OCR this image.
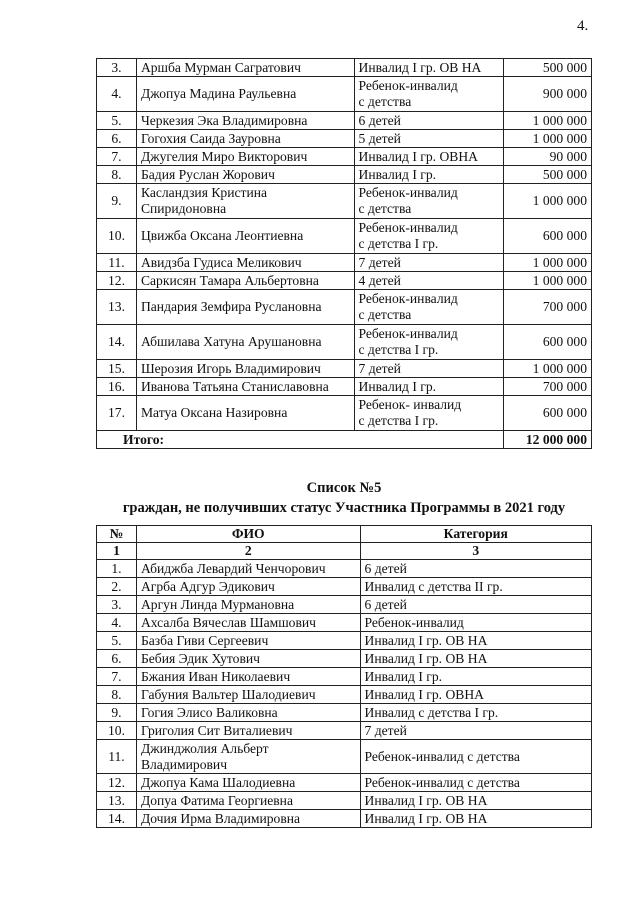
4.
3.	Аршба Мурман Сагратович	Инвалид I гр. ОВ НА	500 000
4.	Джопуа Мадина Раульевна	Ребенок-инвалид
с детства	900 000
5.	Черкезия Эка Владимировна	6 детей	1 000 000
6.	Гогохия Саида Зауровна	5 детей	1 000 000
7.	Джугелия Миро Викторович	Инвалид I гр. ОВНА	90 000
8.	Бадия Руслан Жорович	Инвалид I гр.	500 000
9.	Касландзия Кристина
Спиридоновна	Ребенок-инвалид
с детства	1 000 000
10.	Цвижба Оксана Леонтиевна	Ребенок-инвалид
с детства I гр.	600 000
11.	Авидзба Гудиса Меликович	7 детей	1 000 000
12.	Саркисян Тамара Альбертовна	4 детей	1 000 000
13.	Пандария Земфира Руслановна	Ребенок-инвалид
с детства	700 000
14.	Абшилава Хатуна Арушановна	Ребенок-инвалид
с детства I гр.	600 000
15.	Шерозия Игорь Владимирович	7 детей	1 000 000
16.	Иванова Татьяна Станиславовна	Инвалид I гр.	700 000
17.	Матуа Оксана Назировна	Ребенок- инвалид
с детства I гр.	600 000
Итого:			12 000 000
Список №5
граждан, не получивших статус Участника Программы в 2021 году
№	ФИО	Категория
1	2	3
1.	Абиджба Левардий Ченчорович	6 детей
2.	Агрба Адгур Эдикович	Инвалид с детства II гр.
3.	Аргун Линда Мурмановна	6 детей
4.	Ахсалба Вячеслав Шамшович	Ребенок-инвалид
5.	Базба Гиви Сергеевич	Инвалид I гр. ОВ НА
6.	Бебия Эдик Хутович	Инвалид I гр. ОВ НА
7.	Бжания Иван Николаевич	Инвалид I гр.
8.	Габуния Вальтер Шалодиевич	Инвалид I гр. ОВНА
9.	Гогия Элисо Валиковна	Инвалид с детства I гр.
10.	Григолия Сит Виталиевич	7 детей
11.	Джинджолия Альберт
Владимирович	Ребенок-инвалид с детства
12.	Джопуа Кама Шалодиевна	Ребенок-инвалид с детства
13.	Допуа Фатима Георгиевна	Инвалид I гр. ОВ НА
14.	Дочия Ирма Владимировна	Инвалид I гр. ОВ НА
